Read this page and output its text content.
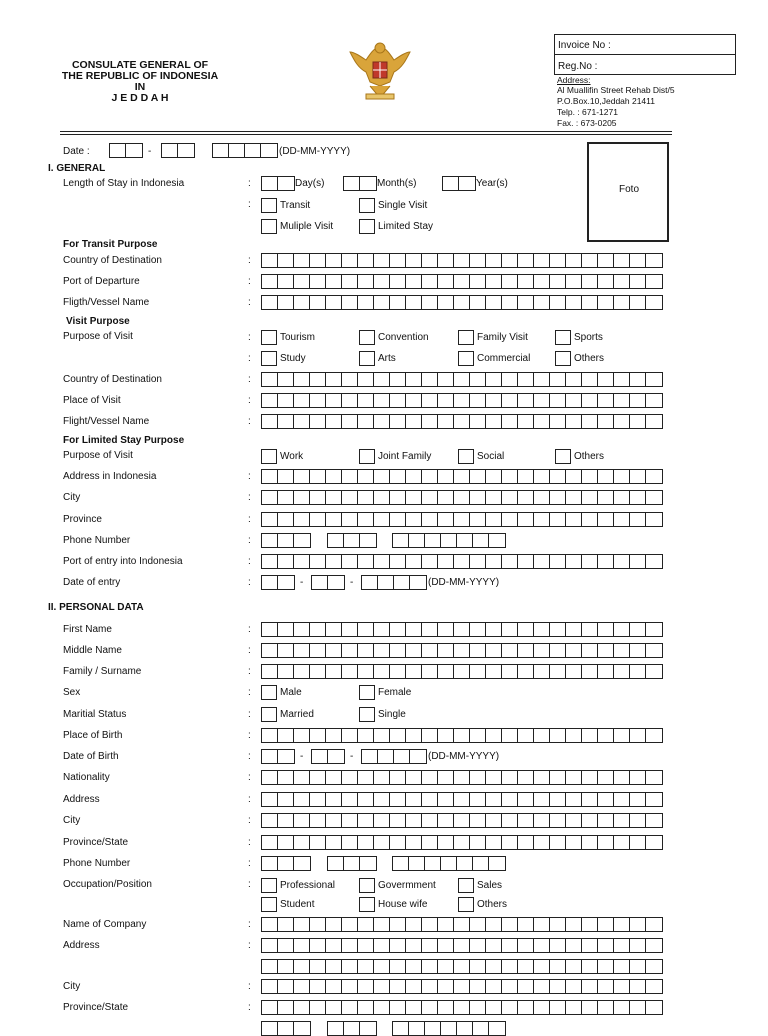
CONSULATE GENERAL OF
THE REPUBLIC OF INDONESIA
IN
J E D D A H
Invoice No :
Reg.No :
Address:
Al Muallifin Street Rehab Dist/5
P.O.Box.10,Jeddah 21411
Telp. : 671-1271
Fax. : 673-0205
Date :	-	(DD-MM-YYYY)
Foto
I. GENERAL
Length of Stay in Indonesia	:	Day(s)	Month(s)	Year(s)
:	Transit	Single Visit
Muliple Visit	Limited Stay
For Transit Purpose
Country of Destination	:
Port of Departure	:
Fligth/Vessel Name	:
Visit Purpose
Purpose of Visit	:	Tourism	Convention	Family Visit	Sports
:	Study	Arts	Commercial	Others
Country of Destination	:
Place of Visit	:
Flight/Vessel Name	:
For Limited Stay Purpose
Purpose of Visit	Work	Joint Family	Social	Others
Address in Indonesia	:
City	:
Province	:
Phone Number	:
Port of entry into Indonesia	:
Date of entry	:	-	-	(DD-MM-YYYY)
II. PERSONAL DATA
First Name	:
Middle Name	:
Family / Surname	:
Sex	:	Male	Female
Maritial Status	:	Married	Single
Place of Birth	:
Date of Birth	:	-	-	(DD-MM-YYYY)
Nationality	:
Address	:
City	:
Province/State	:
Phone Number	:
Occupation/Position	:	Professional	Govermment	Sales
Student	House wife	Others
Name of Company	:
Address	:
City	:
Province/State	:
